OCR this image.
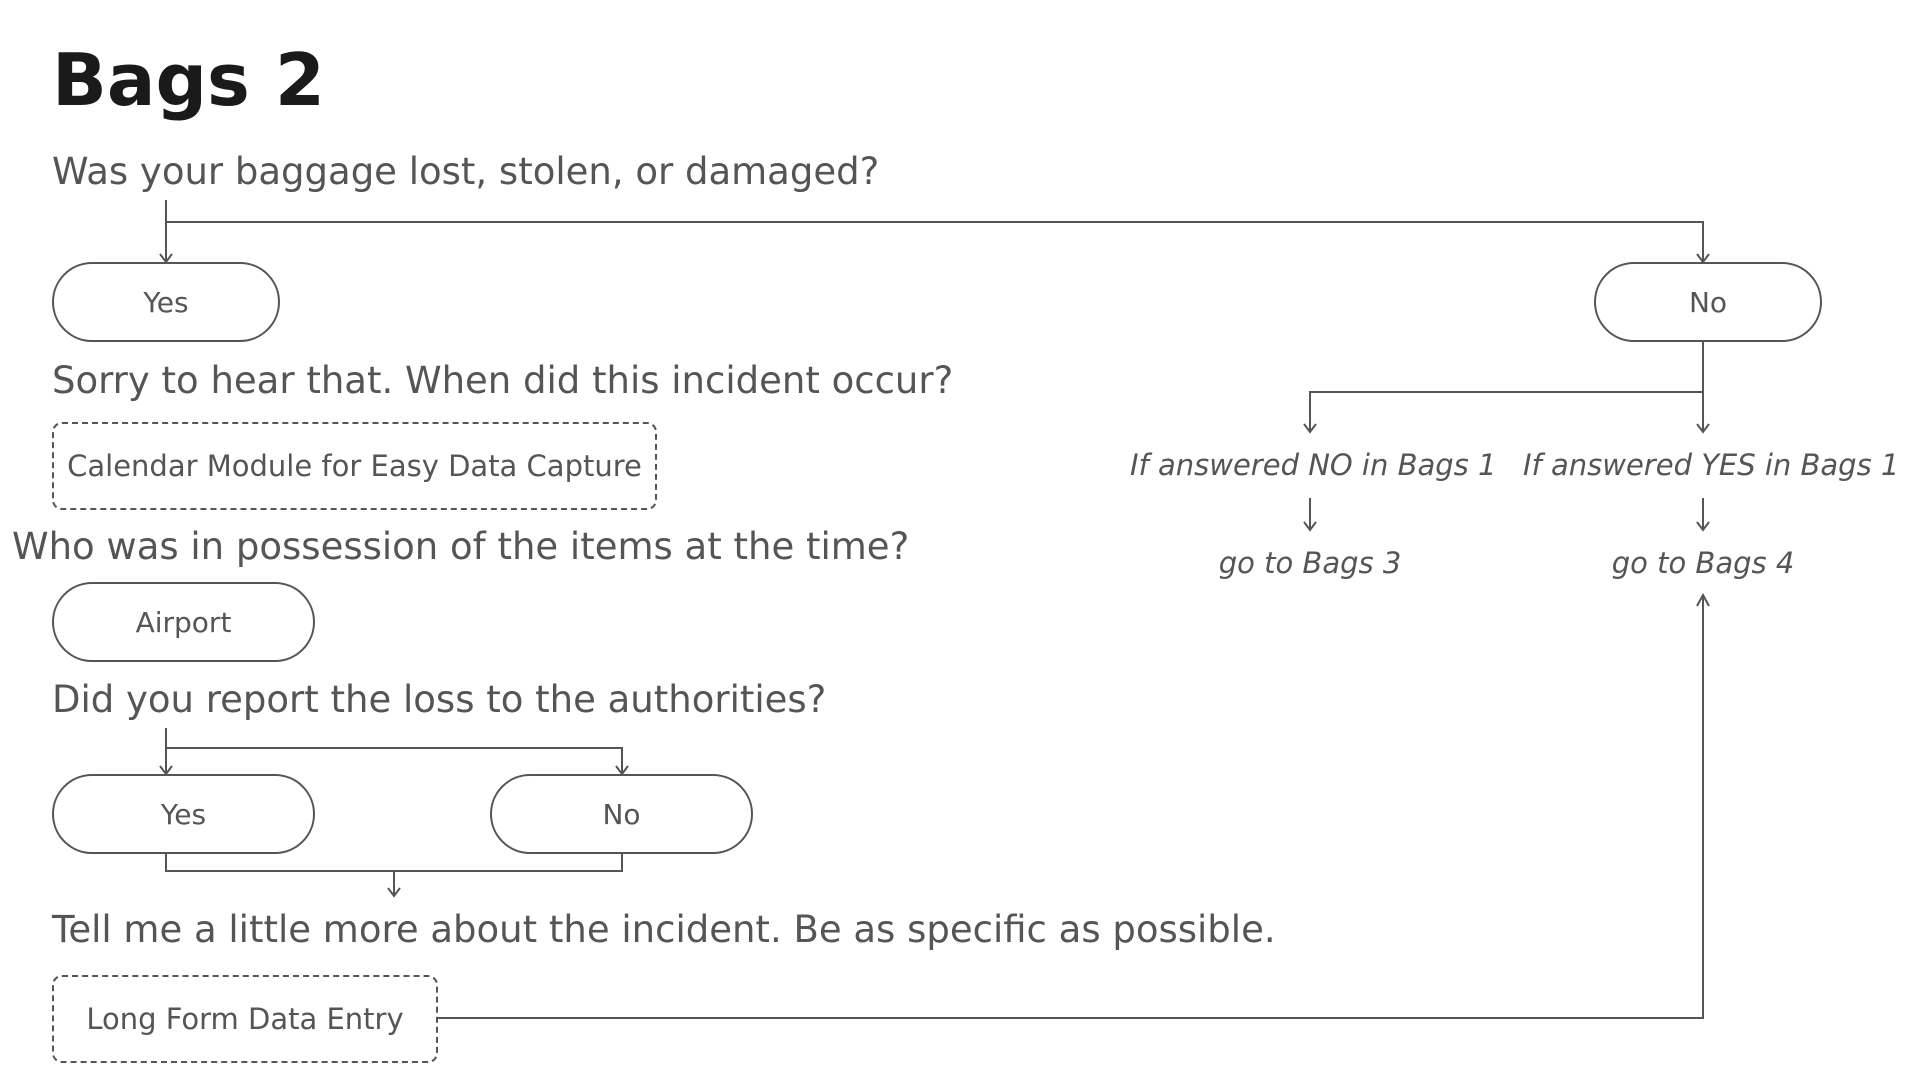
Bags 2

Was your baggage lost, stolen, or damaged?

Yes	No

Sorry to hear that. When did this incident occur?

Calendar Module for Easy Data Capture

Who was in possession of the items at the time?

Airport

Did you report the loss to the authorities?

Yes	No

Tell me a little more about the incident. Be as specific as possible.

Long Form Data Entry
If answered NO in Bags 1 If answered YES in Bags 1
go to Bags 3	go to Bags 4
